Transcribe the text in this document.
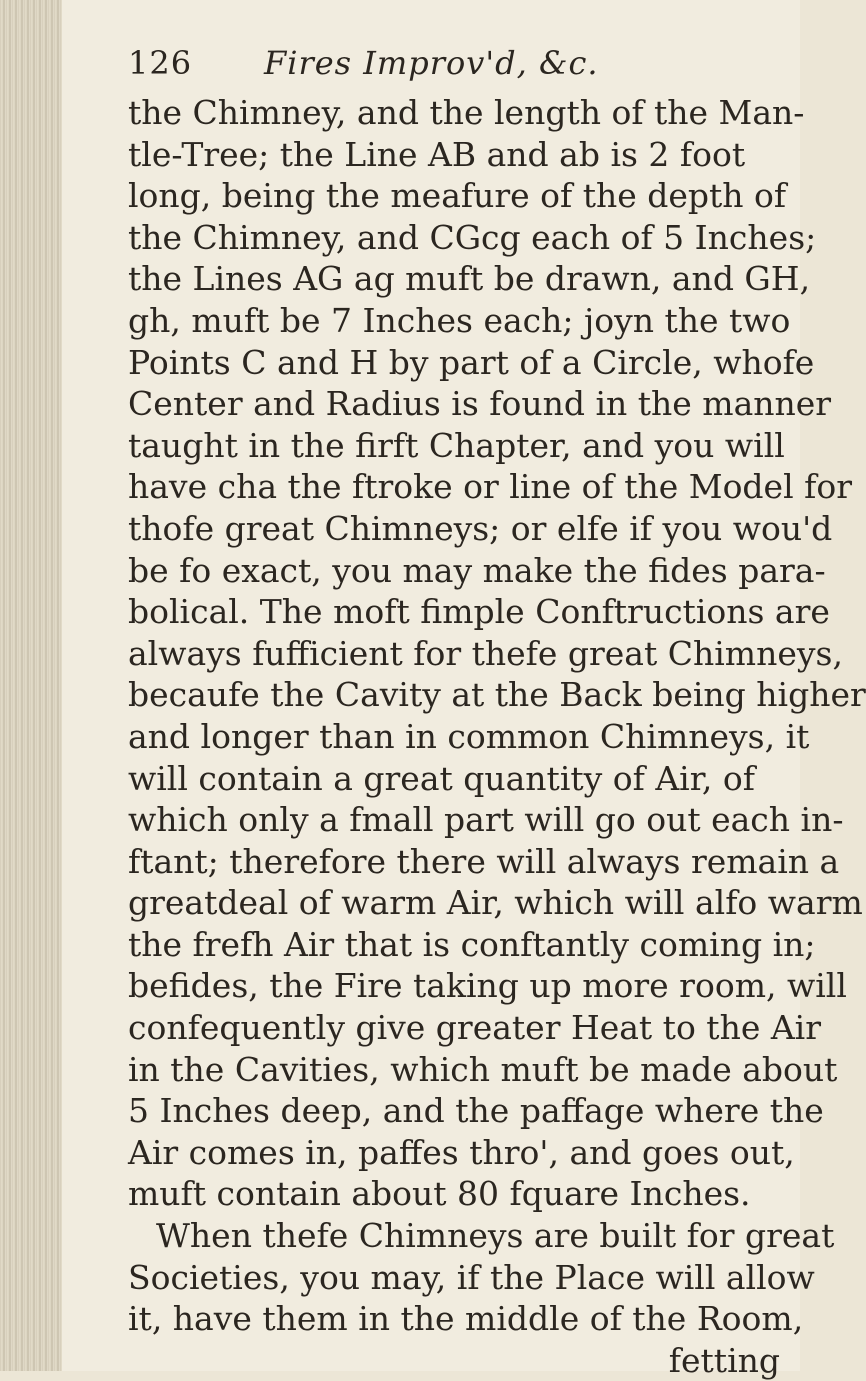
126 Fires Improv'd, &c.
the Chimney, and the length of the Man-
tle-Tree; the Line AB and ab is 2 foot
long, being the meafure of the depth of
the Chimney, and CGcg each of 5 Inches;
the Lines AG ag muft be drawn, and GH,
gh, muft be 7 Inches each; joyn the two
Points C and H by part of a Circle, whofe
Center and Radius is found in the manner
taught in the firft Chapter, and you will
have cha the ftroke or line of the Model for
thofe great Chimneys; or elfe if you wou'd
be fo exact, you may make the fides para-
bolical. The moft fimple Conftructions are
always fufficient for thefe great Chimneys,
becaufe the Cavity at the Back being higher
and longer than in common Chimneys, it
will contain a great quantity of Air, of
which only a fmall part will go out each in-
ftant; therefore there will always remain a
greatdeal of warm Air, which will alfo warm
the frefh Air that is conftantly coming in;
befides, the Fire taking up more room, will
confequently give greater Heat to the Air
in the Cavities, which muft be made about
5 Inches deep, and the paffage where the
Air comes in, paffes thro', and goes out,
muft contain about 80 fquare Inches.
When thefe Chimneys are built for great
Societies, you may, if the Place will allow
it, have them in the middle of the Room,
fetting
